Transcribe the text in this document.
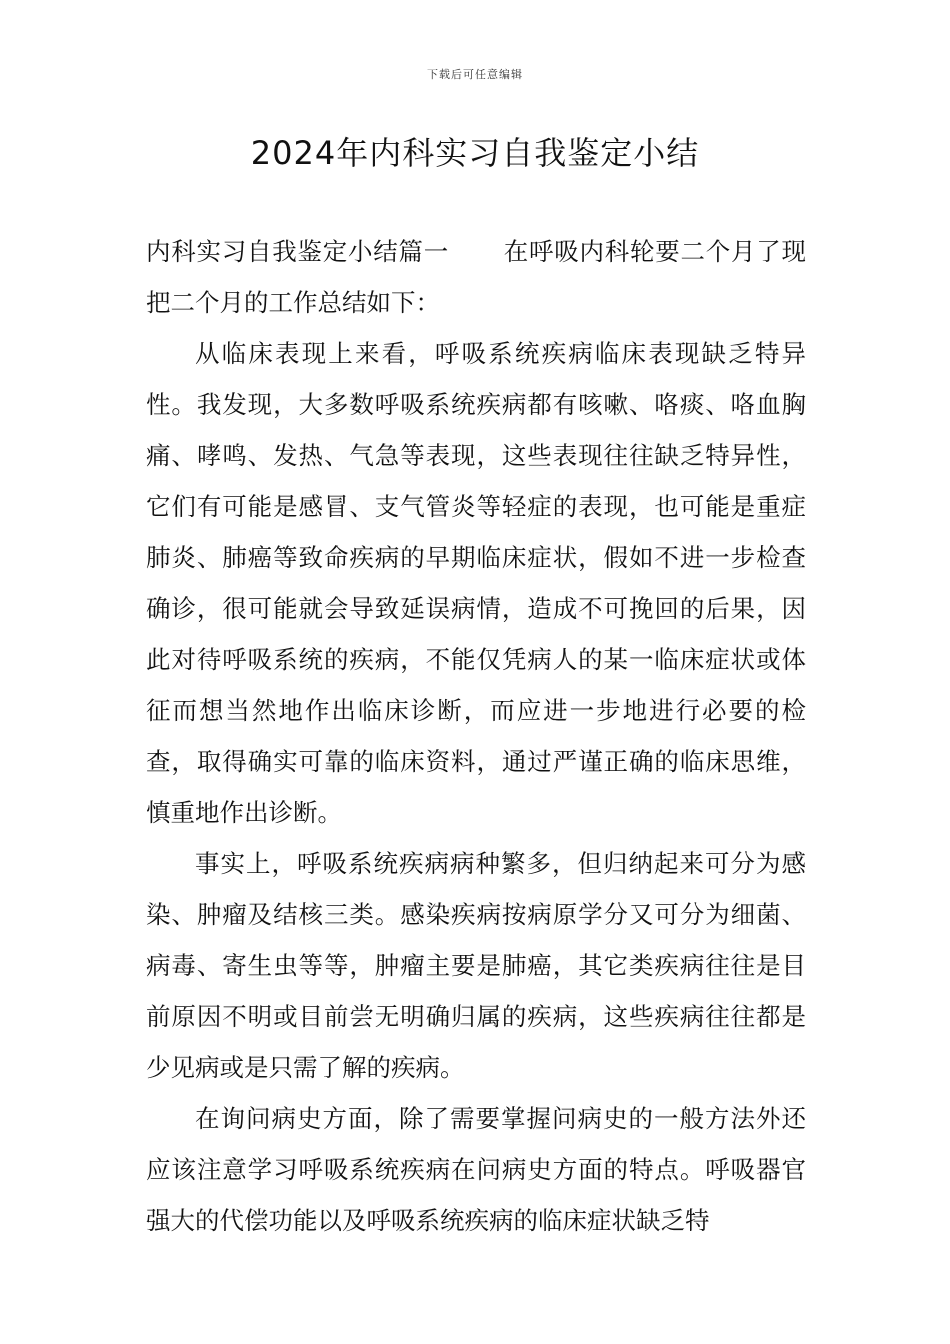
下载后可任意编辑
2024年内科实习自我鉴定小结

内科实习自我鉴定小结篇一 在呼吸内科轮要二个月了现把二个月的工作总结如下：

从临床表现上来看，呼吸系统疾病临床表现缺乏特异性。我发现，大多数呼吸系统疾病都有咳嗽、咯痰、咯血胸痛、哮鸣、发热、气急等表现，这些表现往往缺乏特异性，它们有可能是感冒、支气管炎等轻症的表现，也可能是重症肺炎、肺癌等致命疾病的早期临床症状，假如不进一步检查确诊，很可能就会导致延误病情，造成不可挽回的后果，因此对待呼吸系统的疾病，不能仅凭病人的某一临床症状或体征而想当然地作出临床诊断，而应进一步地进行必要的检查，取得确实可靠的临床资料，通过严谨正确的临床思维，慎重地作出诊断。

事实上，呼吸系统疾病病种繁多，但归纳起来可分为感染、肿瘤及结核三类。感染疾病按病原学分又可分为细菌、病毒、寄生虫等等，肿瘤主要是肺癌，其它类疾病往往是目前原因不明或目前尝无明确归属的疾病，这些疾病往往都是少见病或是只需了解的疾病。

在询问病史方面，除了需要掌握问病史的一般方法外还应该注意学习呼吸系统疾病在问病史方面的特点。呼吸器官强大的代偿功能以及呼吸系统疾病的临床症状缺乏特
